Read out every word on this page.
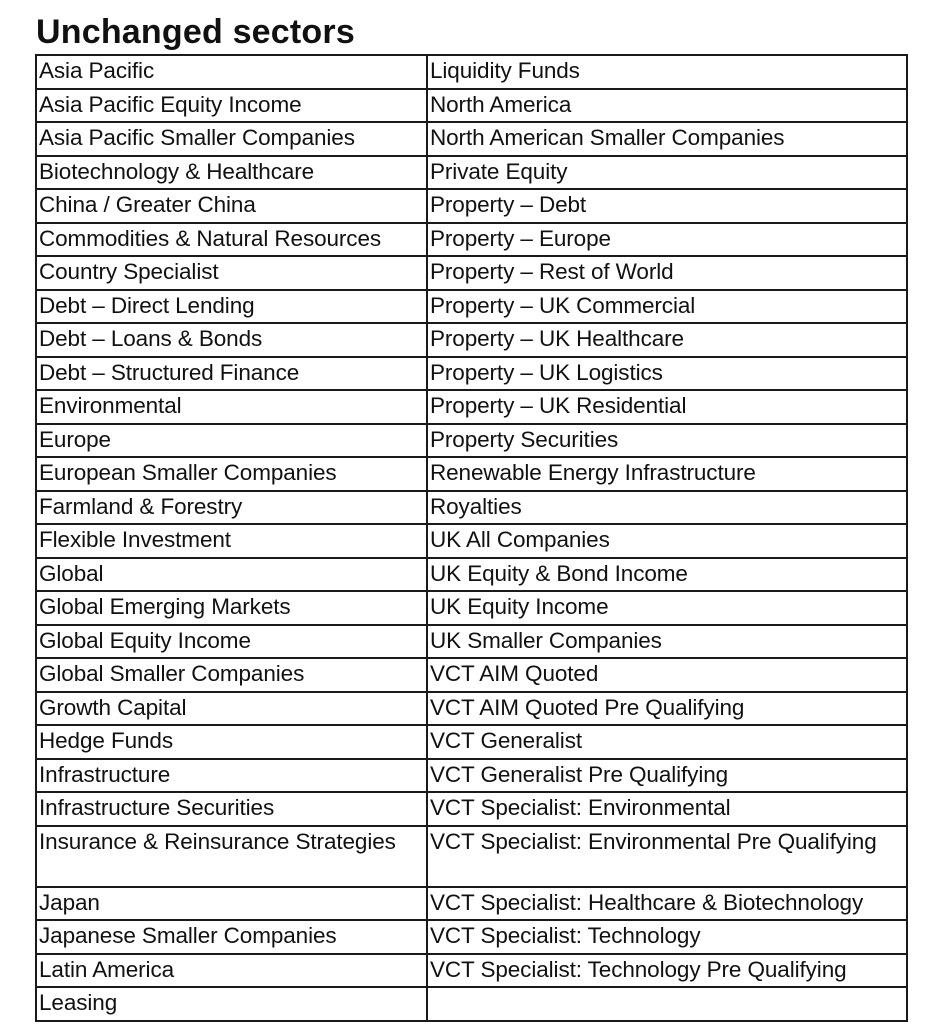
Unchanged sectors
Asia Pacific	Liquidity Funds
Asia Pacific Equity Income	North America
Asia Pacific Smaller Companies	North American Smaller Companies
Biotechnology & Healthcare	Private Equity
China / Greater China	Property – Debt
Commodities & Natural Resources	Property – Europe
Country Specialist	Property – Rest of World
Debt – Direct Lending	Property – UK Commercial
Debt – Loans & Bonds	Property – UK Healthcare
Debt – Structured Finance	Property – UK Logistics
Environmental	Property – UK Residential
Europe	Property Securities
European Smaller Companies	Renewable Energy Infrastructure
Farmland & Forestry	Royalties
Flexible Investment	UK All Companies
Global	UK Equity & Bond Income
Global Emerging Markets	UK Equity Income
Global Equity Income	UK Smaller Companies
Global Smaller Companies	VCT AIM Quoted
Growth Capital	VCT AIM Quoted Pre Qualifying
Hedge Funds	VCT Generalist
Infrastructure	VCT Generalist Pre Qualifying
Infrastructure Securities	VCT Specialist: Environmental
Insurance & Reinsurance Strategies	VCT Specialist: Environmental Pre Qualifying
Japan	VCT Specialist: Healthcare & Biotechnology
Japanese Smaller Companies	VCT Specialist: Technology
Latin America	VCT Specialist: Technology Pre Qualifying
Leasing	
